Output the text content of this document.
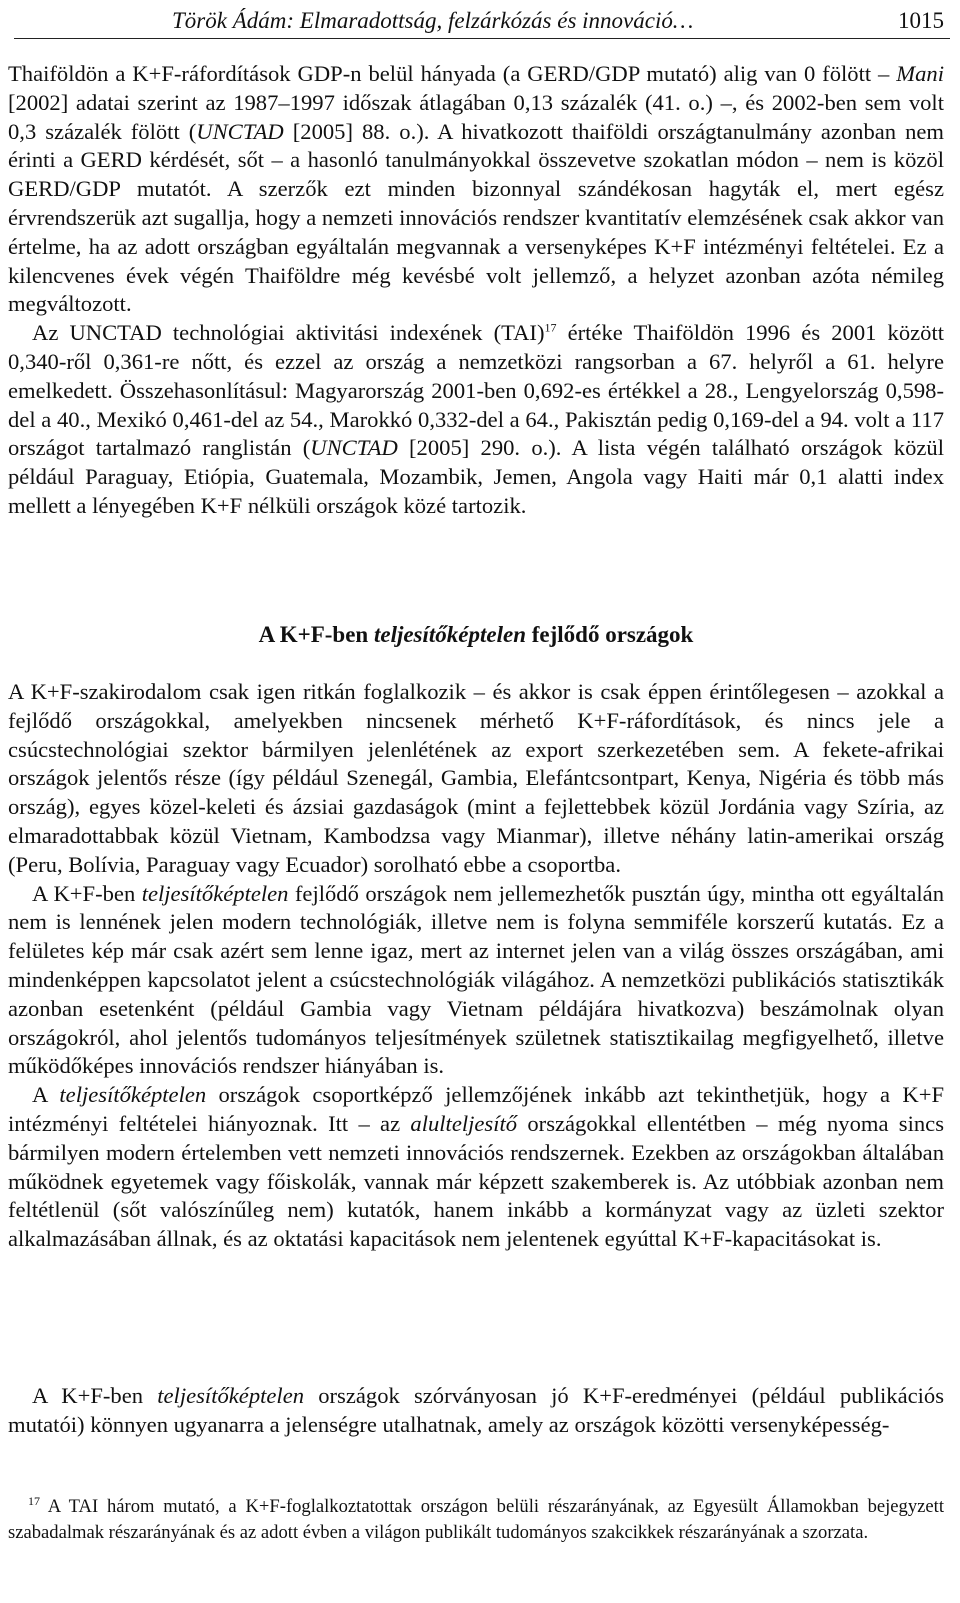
Török Ádám: Elmaradottság, felzárkózás és innováció…	1015

Thaiföldön a K+F-ráfordítások GDP-n belül hányada (a GERD/GDP mutató) alig van 0 fölött – Mani [2002] adatai szerint az 1987–1997 időszak átlagában 0,13 százalék (41. o.) –, és 2002-ben sem volt 0,3 százalék fölött (UNCTAD [2005] 88. o.). A hivatkozott thaiföldi országtanulmány azonban nem érinti a GERD kérdését, sőt – a hasonló tanulmányokkal összevetve szokatlan módon – nem is közöl GERD/GDP mutatót. A szerzők ezt minden bizonnyal szándékosan hagyták el, mert egész érvrendszerük azt sugallja, hogy a nemzeti innovációs rendszer kvantitatív elemzésének csak akkor van értelme, ha az adott országban egyáltalán megvannak a versenyképes K+F intézményi feltételei. Ez a kilencvenes évek végén Thaiföldre még kevésbé volt jellemző, a helyzet azonban azóta némileg megváltozott.

Az UNCTAD technológiai aktivitási indexének (TAI)$^{17}$ értéke Thaiföldön 1996 és 2001 között 0,340-ről 0,361-re nőtt, és ezzel az ország a nemzetközi rangsorban a 67. helyről a 61. helyre emelkedett. Összehasonlításul: Magyarország 2001-ben 0,692-es értékkel a 28., Lengyelország 0,598-del a 40., Mexikó 0,461-del az 54., Marokkó 0,332-del a 64., Pakisztán pedig 0,169-del a 94. volt a 117 országot tartalmazó ranglistán (UNCTAD [2005] 290. o.). A lista végén található országok közül például Paraguay, Etiópia, Guatemala, Mozambik, Jemen, Angola vagy Haiti már 0,1 alatti index mellett a lényegében K+F nélküli országok közé tartozik.

A K+F-ben teljesítőképtelen fejlődő országok

A K+F-szakirodalom csak igen ritkán foglalkozik – és akkor is csak éppen érintőlegesen – azokkal a fejlődő országokkal, amelyekben nincsenek mérhető K+F-ráfordítások, és nincs jele a csúcstechnológiai szektor bármilyen jelenlétének az export szerkezetében sem. A fekete-afrikai országok jelentős része (így például Szenegál, Gambia, Elefántcsontpart, Kenya, Nigéria és több más ország), egyes közel-keleti és ázsiai gazdaságok (mint a fejlettebbek közül Jordánia vagy Szíria, az elmaradottabbak közül Vietnam, Kambodzsa vagy Mianmar), illetve néhány latin-amerikai ország (Peru, Bolívia, Paraguay vagy Ecuador) sorolható ebbe a csoportba.

A K+F-ben teljesítőképtelen fejlődő országok nem jellemezhetők pusztán úgy, mintha ott egyáltalán nem is lennének jelen modern technológiák, illetve nem is folyna semmiféle korszerű kutatás. Ez a felületes kép már csak azért sem lenne igaz, mert az internet jelen van a világ összes országában, ami mindenképpen kapcsolatot jelent a csúcstechnológiák világához. A nemzetközi publikációs statisztikák azonban esetenként (például Gambia vagy Vietnam példájára hivatkozva) beszámolnak olyan országokról, ahol jelentős tudományos teljesítmények születnek statisztikailag megfigyelhető, illetve működőképes innovációs rendszer hiányában is.

A teljesítőképtelen országok csoportképző jellemzőjének inkább azt tekinthetjük, hogy a K+F intézményi feltételei hiányoznak. Itt – az alulteljesítő országokkal ellentétben – még nyoma sincs bármilyen modern értelemben vett nemzeti innovációs rendszernek. Ezekben az országokban általában működnek egyetemek vagy főiskolák, vannak már képzett szakemberek is. Az utóbbiak azonban nem feltétlenül (sőt valószínűleg nem) kutatók, hanem inkább a kormányzat vagy az üzleti szektor alkalmazásában állnak, és az oktatási kapacitások nem jelentenek egyúttal K+F-kapacitásokat is.

A K+F-ben teljesítőképtelen országok szórványosan jó K+F-eredményei (például publikációs mutatói) könnyen ugyanarra a jelenségre utalhatnak, amely az országok közötti versenyképesség-

$^{17}$ A TAI három mutató, a K+F-foglalkoztatottak országon belüli részarányának, az Egyesült Államokban bejegyzett szabadalmak részarányának és az adott évben a világon publikált tudományos szakcikkek részarányának a szorzata.
